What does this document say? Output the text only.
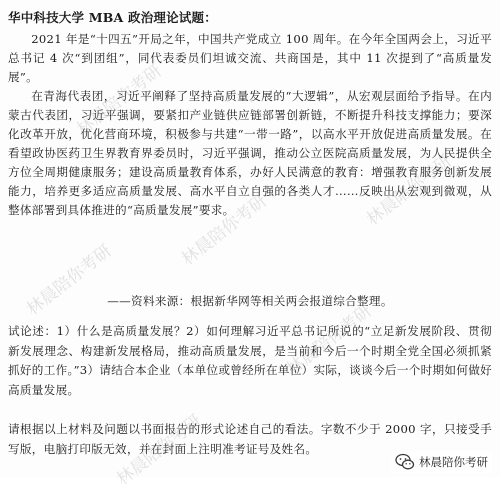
华中科技大学 MBA 政治理论试题：
2021 年是“十四五”开局之年，中国共产党成立 100 周年。在今年全国两会上，习近平总书记 4 次“到团组”，同代表委员们坦诚交流、共商国是，其中 11 次提到了“高质量发展”。
在青海代表团，习近平阐释了坚持高质量发展的“大逻辑”，从宏观层面给予指导。在内蒙古代表团，习近平强调，要紧扣产业链供应链部署创新链，不断提升科技支撑能力；要深化改革开放，优化营商环境，积极参与共建“一带一路”，以高水平开放促进高质量发展。在看望政协医药卫生界教育界委员时，习近平强调，推动公立医院高质量发展，为人民提供全方位全周期健康服务；建设高质量教育体系，办好人民满意的教育：增强教育服务创新发展能力，培养更多适应高质量发展、高水平自立自强的各类人才……反映出从宏观到微观，从整体部署到具体推进的“高质量发展”要求。
——资料来源：根据新华网等相关两会报道综合整理。
试论述：1）什么是高质量发展？2）如何理解习近平总书记所说的“立足新发展阶段、贯彻新发展理念、构建新发展格局，推动高质量发展，是当前和今后一个时期全党全国必须抓紧抓好的工作。”3）请结合本企业（本单位或曾经所在单位）实际，谈谈今后一个时期如何做好高质量发展。
请根据以上材料及问题以书面报告的形式论述自己的看法。字数不少于 2000 字，只接受手写版，电脑打印版无效，并在封面上注明准考证号及姓名。
林晨陪你考研
林晨陪你考研
林晨陪你考研
林晨陪你考研
林晨陪你考研
林晨陪你考研
林晨陪你考研
